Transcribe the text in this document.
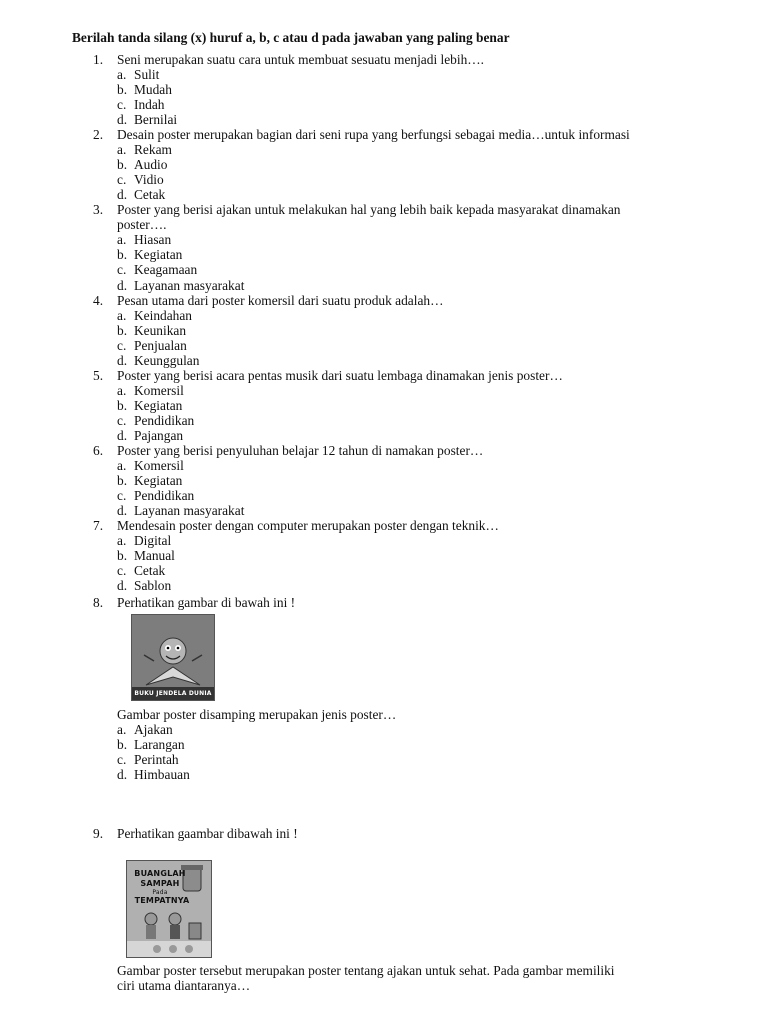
Berilah tanda silang (x) huruf a, b, c atau d pada jawaban yang paling benar
BUKU JENDELA DUNIA
BUANGLAH
SAMPAH
Pada
TEMPATNYA
1. Seni merupakan suatu cara untuk membuat sesuatu menjadi lebih….
a. Sulit
b. Mudah
c. Indah
d. Bernilai
2. Desain poster merupakan bagian dari seni rupa yang berfungsi sebagai media…untuk informasi
a. Rekam
b. Audio
c. Vidio
d. Cetak
3. Poster yang berisi ajakan untuk melakukan hal yang lebih baik kepada masyarakat dinamakan
poster….
a. Hiasan
b. Kegiatan
c. Keagamaan
d. Layanan masyarakat
4. Pesan utama dari poster komersil dari suatu produk adalah…
a. Keindahan
b. Keunikan
c. Penjualan
d. Keunggulan
5. Poster yang berisi acara pentas musik dari suatu lembaga dinamakan jenis poster…
a. Komersil
b. Kegiatan
c. Pendidikan
d. Pajangan
6. Poster yang berisi penyuluhan belajar 12 tahun di namakan poster…
a. Komersil
b. Kegiatan
c. Pendidikan
d. Layanan masyarakat
7. Mendesain poster dengan computer merupakan poster dengan teknik…
a. Digital
b. Manual
c. Cetak
d. Sablon
8. Perhatikan gambar di bawah ini !
Gambar poster disamping merupakan jenis poster…
a. Ajakan
b. Larangan
c. Perintah
d. Himbauan
9. Perhatikan gaambar dibawah ini !
Gambar poster tersebut merupakan poster tentang ajakan untuk sehat. Pada gambar memiliki
ciri utama diantaranya…
